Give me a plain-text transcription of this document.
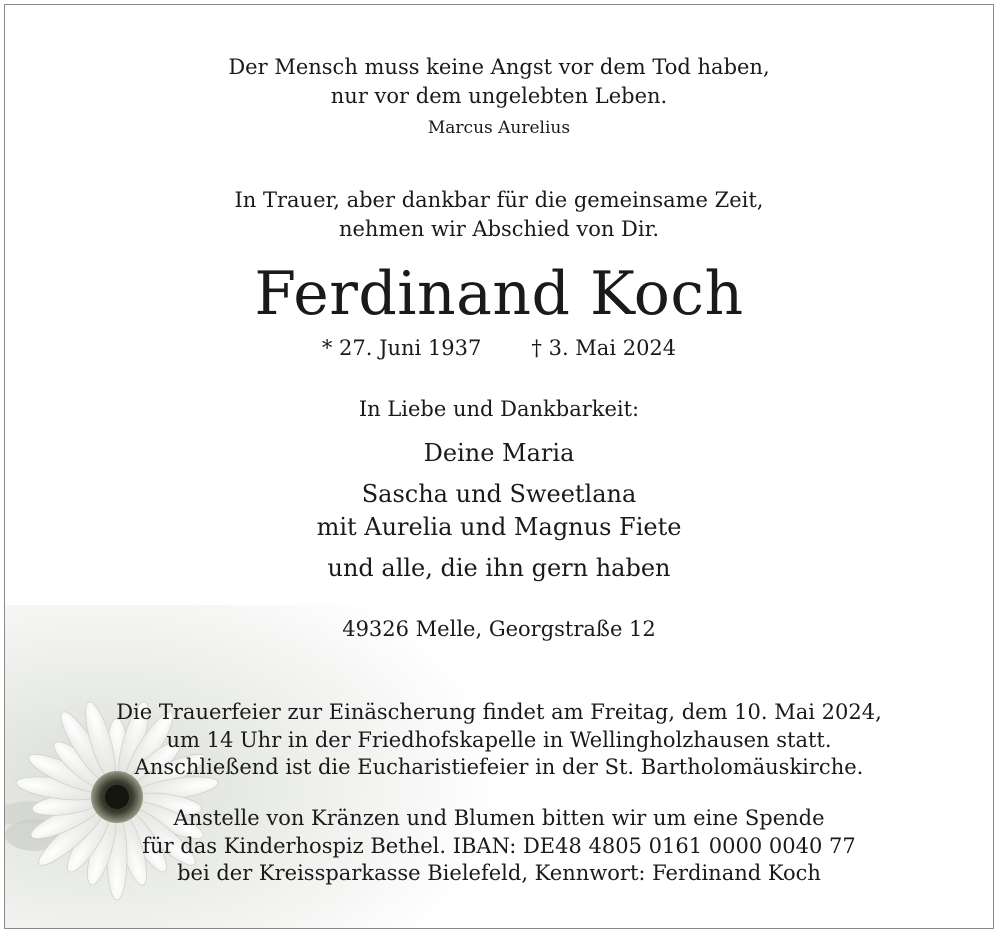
Der Mensch muss keine Angst vor dem Tod haben,
nur vor dem ungelebten Leben.
Marcus Aurelius
In Trauer, aber dankbar für die gemeinsame Zeit,
nehmen wir Abschied von Dir.
Ferdinand Koch
* 27. Juni 1937 † 3. Mai 2024
In Liebe und Dankbarkeit:
Deine Maria
Sascha und Sweetlana
mit Aurelia und Magnus Fiete
und alle, die ihn gern haben
49326 Melle, Georgstraße 12
Die Trauerfeier zur Einäscherung findet am Freitag, dem 10. Mai 2024,
um 14 Uhr in der Friedhofskapelle in Wellingholzhausen statt.
Anschließend ist die Eucharistiefeier in der St. Bartholomäuskirche.
Anstelle von Kränzen und Blumen bitten wir um eine Spende
für das Kinderhospiz Bethel. IBAN: DE48 4805 0161 0000 0040 77
bei der Kreissparkasse Bielefeld, Kennwort: Ferdinand Koch
